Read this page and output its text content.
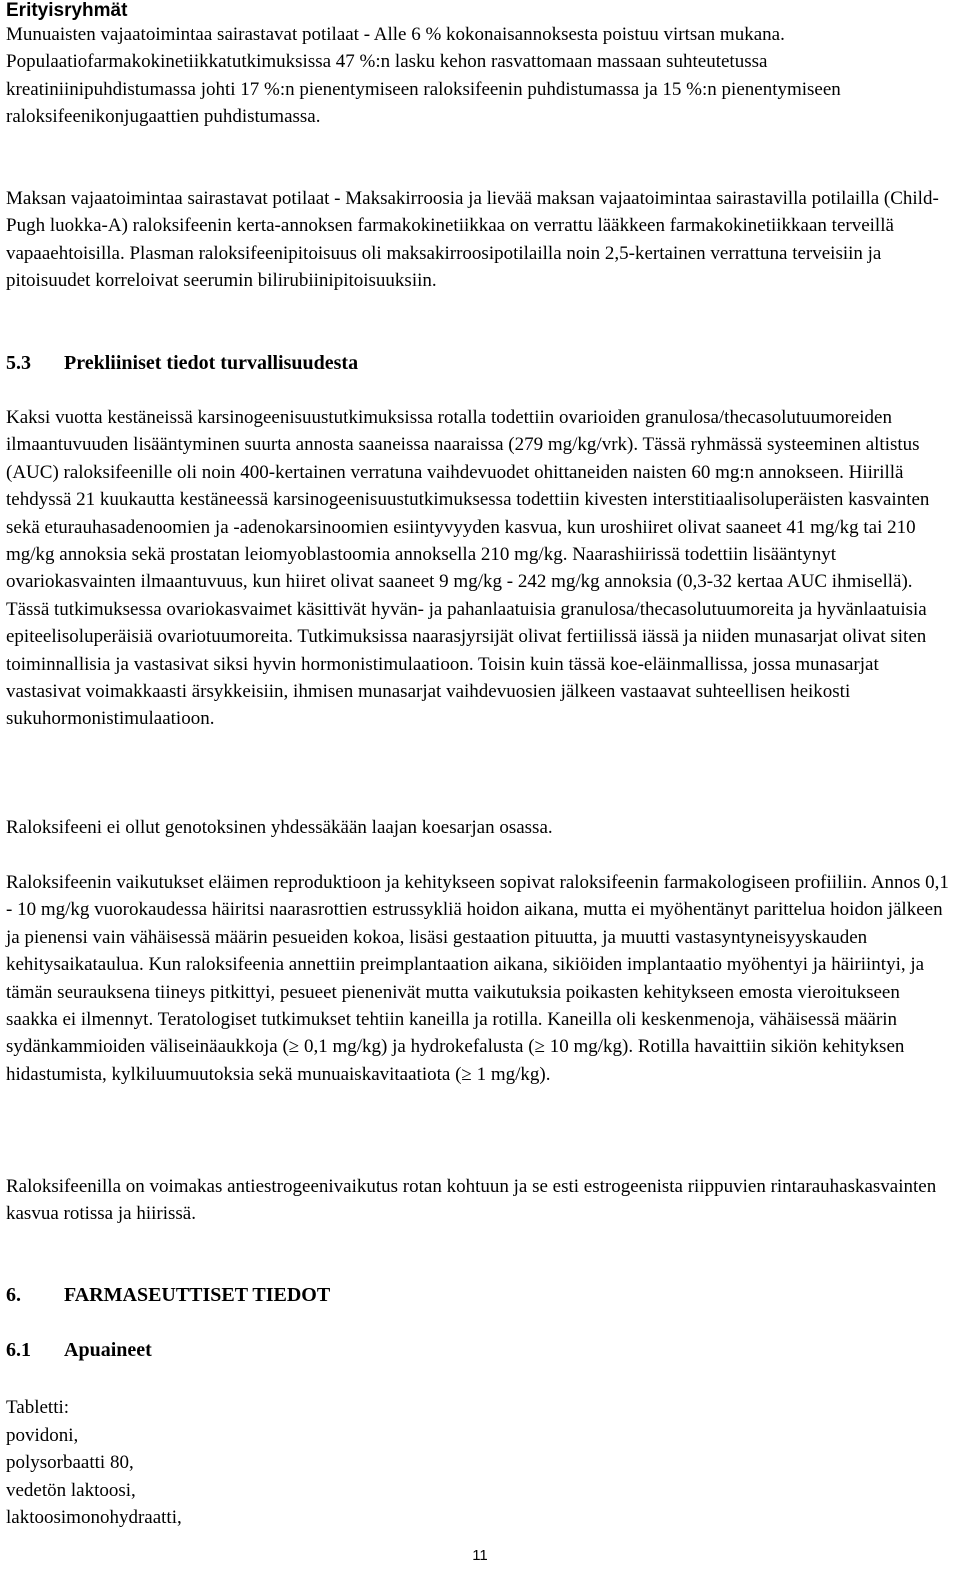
Erityisryhmät

Munuaisten vajaatoimintaa sairastavat potilaat - Alle 6 % kokonaisannoksesta poistuu virtsan mukana. Populaatiofarmakokinetiikkatutkimuksissa 47 %:n lasku kehon rasvattomaan massaan suhteutetussa kreatiniinipuhdistumassa johti 17 %:n pienentymiseen raloksifeenin puhdistumassa ja 15 %:n pienentymiseen raloksifeenikonjugaattien puhdistumassa.

Maksan vajaatoimintaa sairastavat potilaat - Maksakirroosia ja lievää maksan vajaatoimintaa sairastavilla potilailla (Child-Pugh luokka-A) raloksifeenin kerta-annoksen farmakokinetiikkaa on verrattu lääkkeen farmakokinetiikkaan terveillä vapaaehtoisilla. Plasman raloksifeenipitoisuus oli maksakirroosipotilailla noin 2,5-kertainen verrattuna terveisiin ja pitoisuudet korreloivat seerumin bilirubiinipitoisuuksiin.

5.3	Prekliiniset tiedot turvallisuudesta

Kaksi vuotta kestäneissä karsinogeenisuustutkimuksissa rotalla todettiin ovarioiden granulosa/thecasolutuumoreiden ilmaantuvuuden lisääntyminen suurta annosta saaneissa naaraissa (279 mg/kg/vrk). Tässä ryhmässä systeeminen altistus (AUC) raloksifeenille oli noin 400-kertainen verratuna vaihdevuodet ohittaneiden naisten 60 mg:n annokseen. Hiirillä tehdyssä 21 kuukautta kestäneessä karsinogeenisuustutkimuksessa todettiin kivesten interstitiaalisoluperäisten kasvainten sekä eturauhasadenoomien ja -adenokarsinoomien esiintyvyyden kasvua, kun uroshiiret olivat saaneet 41 mg/kg tai 210 mg/kg annoksia sekä prostatan leiomyoblastoomia annoksella 210 mg/kg. Naarashiirissä todettiin lisääntynyt ovariokasvainten ilmaantuvuus, kun hiiret olivat saaneet 9 mg/kg - 242 mg/kg annoksia (0,3-32 kertaa AUC ihmisellä). Tässä tutkimuksessa ovariokasvaimet käsittivät hyvän- ja pahanlaatuisia granulosa/thecasolutuumoreita ja hyvänlaatuisia epiteelisoluperäisiä ovariotuumoreita. Tutkimuksissa naarasjyrsijät olivat fertiilissä iässä ja niiden munasarjat olivat siten toiminnallisia ja vastasivat siksi hyvin hormonistimulaatioon. Toisin kuin tässä koe-eläinmallissa, jossa munasarjat vastasivat voimakkaasti ärsykkeisiin, ihmisen munasarjat vaihdevuosien jälkeen vastaavat suhteellisen heikosti sukuhormonistimulaatioon.

Raloksifeeni ei ollut genotoksinen yhdessäkään laajan koesarjan osassa.

Raloksifeenin vaikutukset eläimen reproduktioon ja kehitykseen sopivat raloksifeenin farmakologiseen profiiliin. Annos 0,1 - 10 mg/kg vuorokaudessa häiritsi naarasrottien estrussykliä hoidon aikana, mutta ei myöhentänyt parittelua hoidon jälkeen ja pienensi vain vähäisessä määrin pesueiden kokoa, lisäsi gestaation pituutta, ja muutti vastasyntyneisyyskauden kehitysaikataulua. Kun raloksifeenia annettiin preimplantaation aikana, sikiöiden implantaatio myöhentyi ja häiriintyi, ja tämän seurauksena tiineys pitkittyi, pesueet pienenivät mutta vaikutuksia poikasten kehitykseen emosta vieroitukseen saakka ei ilmennyt. Teratologiset tutkimukset tehtiin kaneilla ja rotilla. Kaneilla oli keskenmenoja, vähäisessä määrin sydänkammioiden väliseinäaukkoja (≥ 0,1 mg/kg) ja hydrokefalusta (≥ 10 mg/kg). Rotilla havaittiin sikiön kehityksen hidastumista, kylkiluumuutoksia sekä munuaiskavitaatiota (≥ 1 mg/kg).

Raloksifeenilla on voimakas antiestrogeenivaikutus rotan kohtuun ja se esti estrogeenista riippuvien rintarauhaskasvainten kasvua rotissa ja hiirissä.

6.	FARMASEUTTISET TIEDOT
6.1	Apuaineet
Tabletti:
povidoni,
polysorbaatti 80,
vedetön laktoosi,
laktoosimonohydraatti,
11
